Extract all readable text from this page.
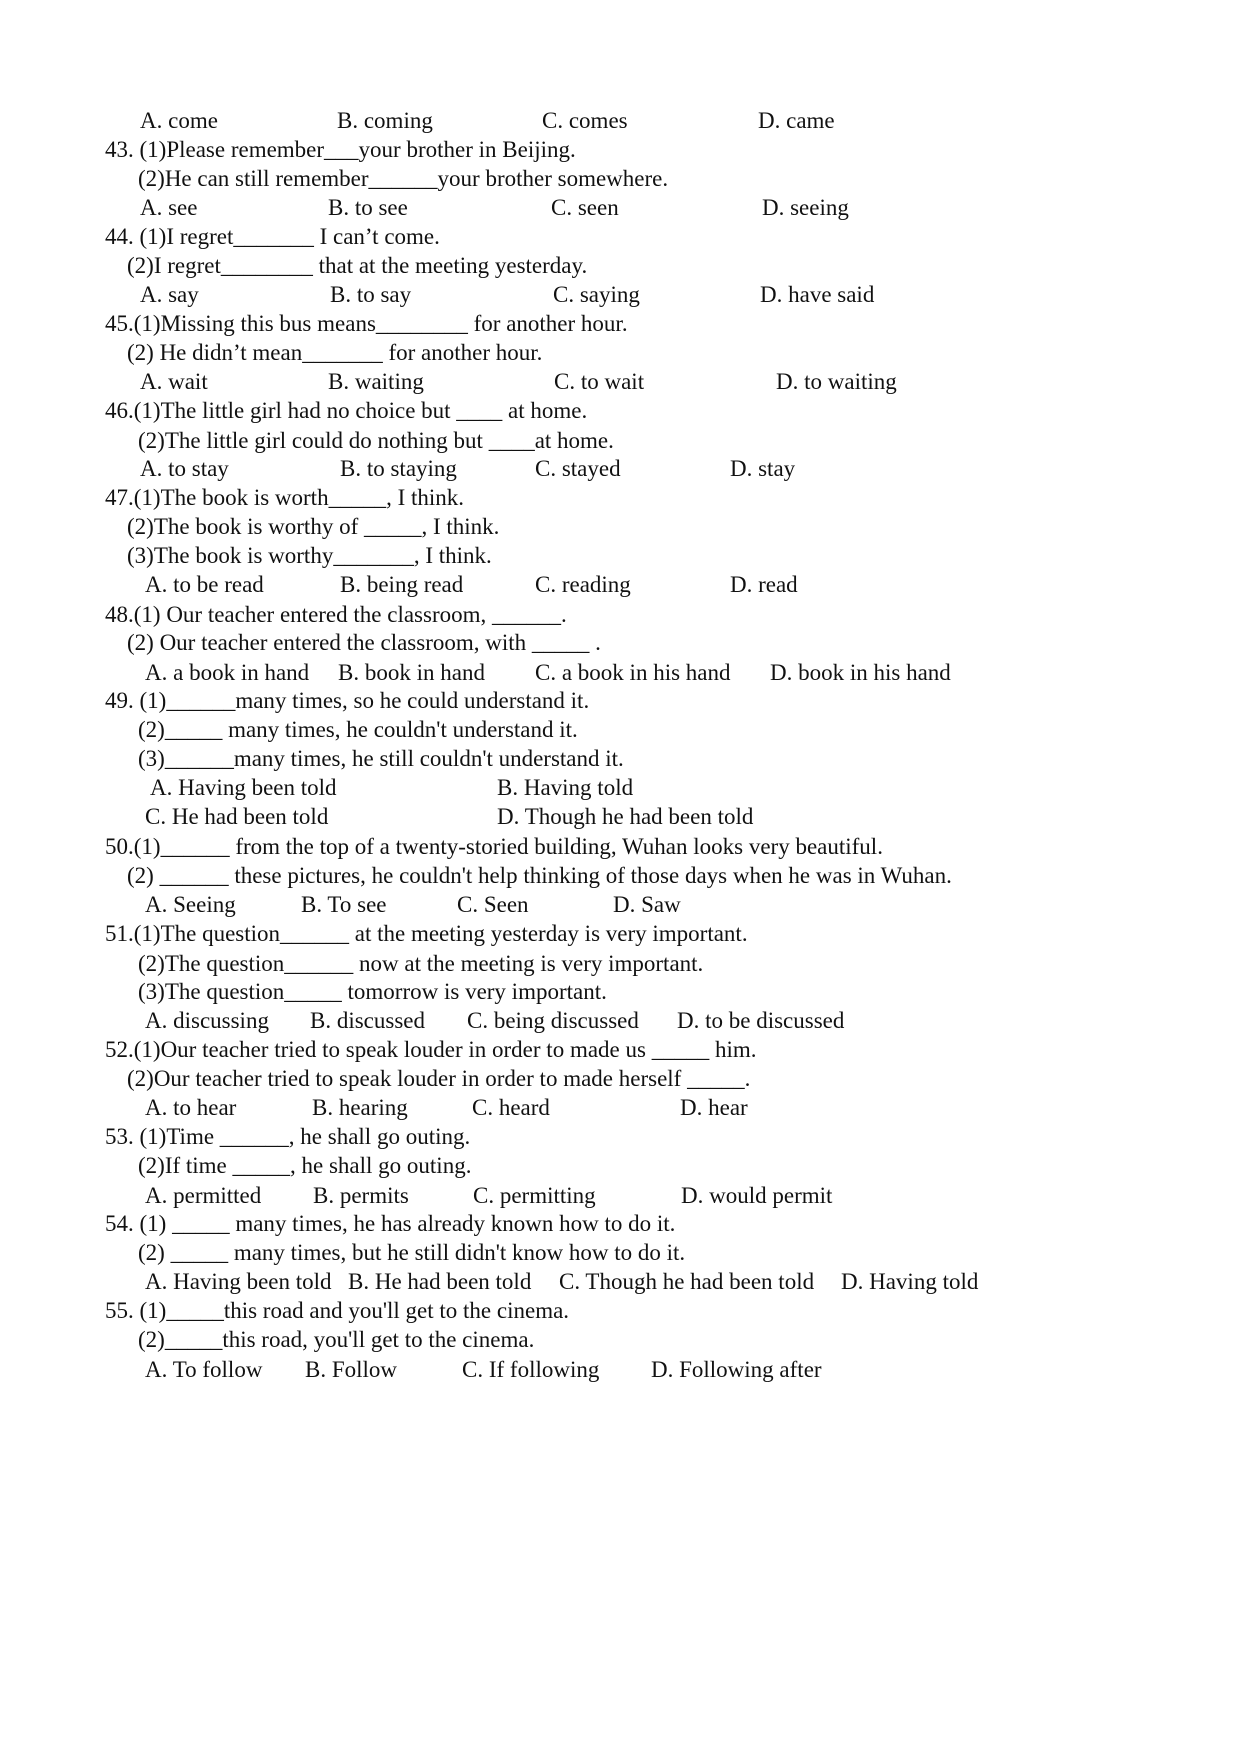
A. come	B. coming	C. comes	D. came
43. (1)Please remember___your brother in Beijing.
(2)He can still remember______your brother somewhere.
A. see	B. to see	C. seen	D. seeing
44. (1)I regret_______ I can’t come.
(2)I regret________ that at the meeting yesterday.
A. say	B. to say	C. saying	D. have said
45.(1)Missing this bus means________ for another hour.
(2) He didn’t mean_______ for another hour.
A. wait	B. waiting	C. to wait	D. to waiting
46.(1)The little girl had no choice but ____ at home.
(2)The little girl could do nothing but ____at home.
A. to stay	B. to staying	C. stayed	D. stay
47.(1)The book is worth_____, I think.
(2)The book is worthy of _____, I think.
(3)The book is worthy_______, I think.
A. to be read	B. being read	C. reading	D. read
48.(1) Our teacher entered the classroom, ______.
(2) Our teacher entered the classroom, with _____ .
A. a book in hand B. book in hand C. a book in his hand D. book in his hand
49. (1)______many times, so he could understand it.
(2)_____ many times, he couldn't understand it.
(3)______many times, he still couldn't understand it.
A. Having been told	B. Having told
C. He had been told	D. Though he had been told
50.(1)______ from the top of a twenty-storied building, Wuhan looks very beautiful.
(2) ______ these pictures, he couldn't help thinking of those days when he was in Wuhan.
A. Seeing	B. To see	C. Seen	D. Saw
51.(1)The question______ at the meeting yesterday is very important.
(2)The question______ now at the meeting is very important.
(3)The question_____ tomorrow is very important.
A. discussing B. discussed C. being discussed D. to be discussed
52.(1)Our teacher tried to speak louder in order to made us _____ him.
(2)Our teacher tried to speak louder in order to made herself _____.
A. to hear	B. hearing	C. heard	D. hear
53. (1)Time ______, he shall go outing.
(2)If time _____, he shall go outing.
A. permitted B. permits	C. permitting	D. would permit
54. (1) _____ many times, he has already known how to do it.
(2) _____ many times, but he still didn't know how to do it.
A. Having been told B. He had been told C. Though he had been told D. Having told
55. (1)_____this road and you'll get to the cinema.
(2)_____this road, you'll get to the cinema.
A. To follow B. Follow	C. If following D. Following after
